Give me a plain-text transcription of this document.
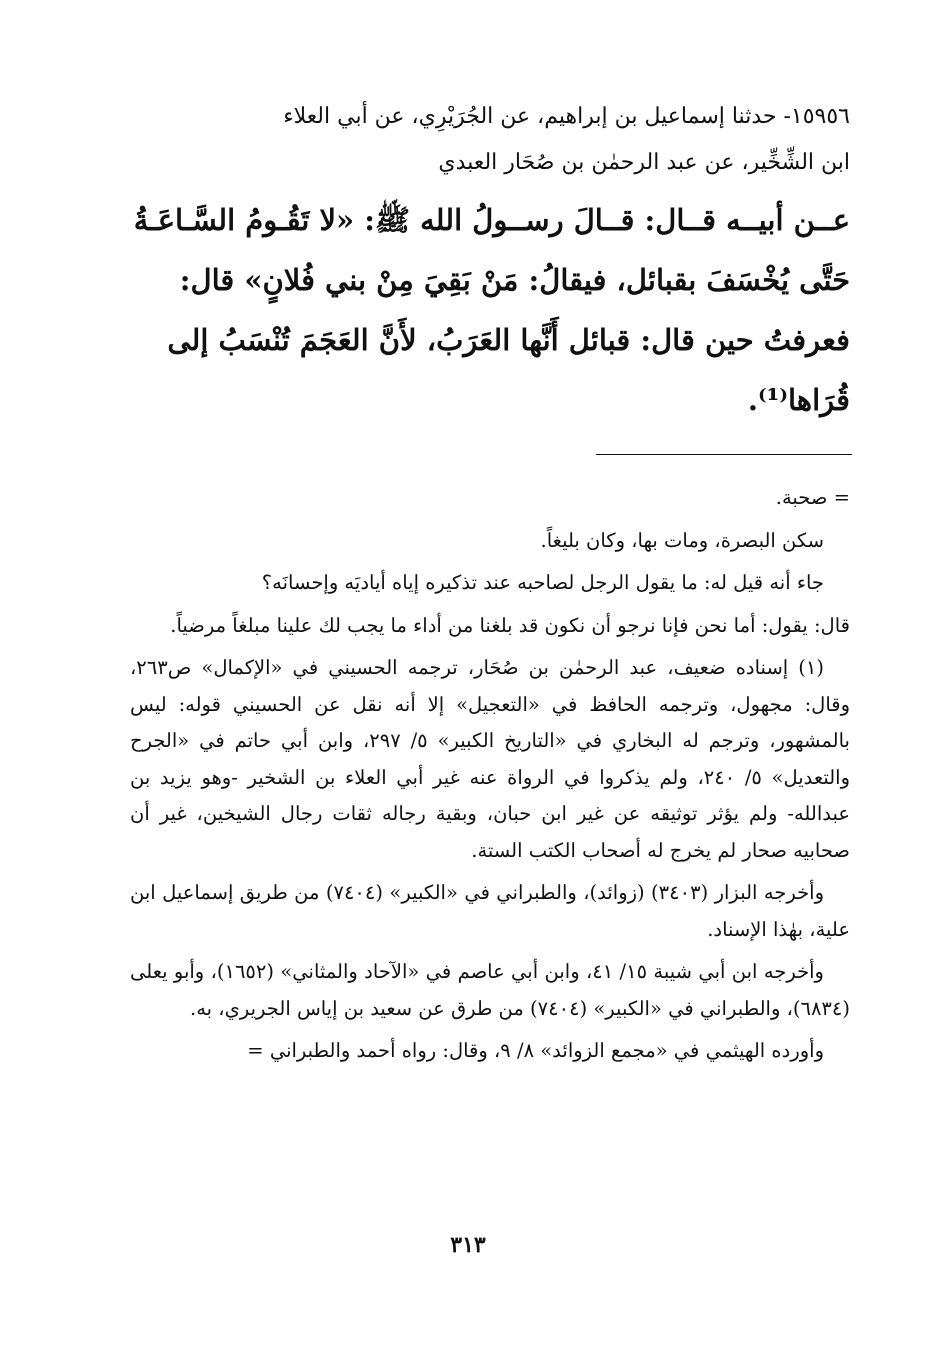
١٥٩٥٦- حدثنا إسماعيل بن إبراهيم، عن الجُرَيْرِي، عن أبي العلاء
ابن الشِّخِّير، عن عبد الرحمٰن بن صُحَار العبدي
عــن أبيــه قــال: قــالَ رســولُ الله ﷺ: «لا تَقُـومُ السَّـاعَـةُ
حَتَّى يُخْسَفَ بقبائل، فيقالُ: مَنْ بَقِيَ مِنْ بني فُلانٍ» قال:
فعرفتُ حين قال: قبائل أَنَّها العَرَبُ، لأَنَّ العَجَمَ تُنْسَبُ إلى
قُرَاها⁽¹⁾.

= صحبة.

سكن البصرة، ومات بها، وكان بليغاً.

جاء أنه قيل له: ما يقول الرجل لصاحبه عند تذكيره إياه أياديَه وإحسانَه؟

قال: يقول: أما نحن فإنا نرجو أن نكون قد بلغنا من أداء ما يجب لك علينا مبلغاً مرضياً.

(١) إسناده ضعيف، عبد الرحمٰن بن صُحَار، ترجمه الحسيني في «الإكمال» ص٢٦٣، وقال: مجهول، وترجمه الحافظ في «التعجيل» إلا أنه نقل عن الحسيني قوله: ليس بالمشهور، وترجم له البخاري في «التاريخ الكبير» ٥/ ٢٩٧، وابن أبي حاتم في «الجرح والتعديل» ٥/ ٢٤٠، ولم يذكروا في الرواة عنه غير أبي العلاء بن الشخير -وهو يزيد بن عبدالله- ولم يؤثر توثيقه عن غير ابن حبان، وبقية رجاله ثقات رجال الشيخين، غير أن صحابيه صحار لم يخرج له أصحاب الكتب الستة.

وأخرجه البزار (٣٤٠٣) (زوائد)، والطبراني في «الكبير» (٧٤٠٤) من طريق إسماعيل ابن علية، بهٰذا الإسناد.

وأخرجه ابن أبي شيبة ١٥/ ٤١، وابن أبي عاصم في «الآحاد والمثاني» (١٦٥٢)، وأبو يعلى (٦٨٣٤)، والطبراني في «الكبير» (٧٤٠٤) من طرق عن سعيد بن إياس الجريري، به.

وأورده الهيثمي في «مجمع الزوائد» ٨/ ٩، وقال: رواه أحمد والطبراني =

٣١٣
